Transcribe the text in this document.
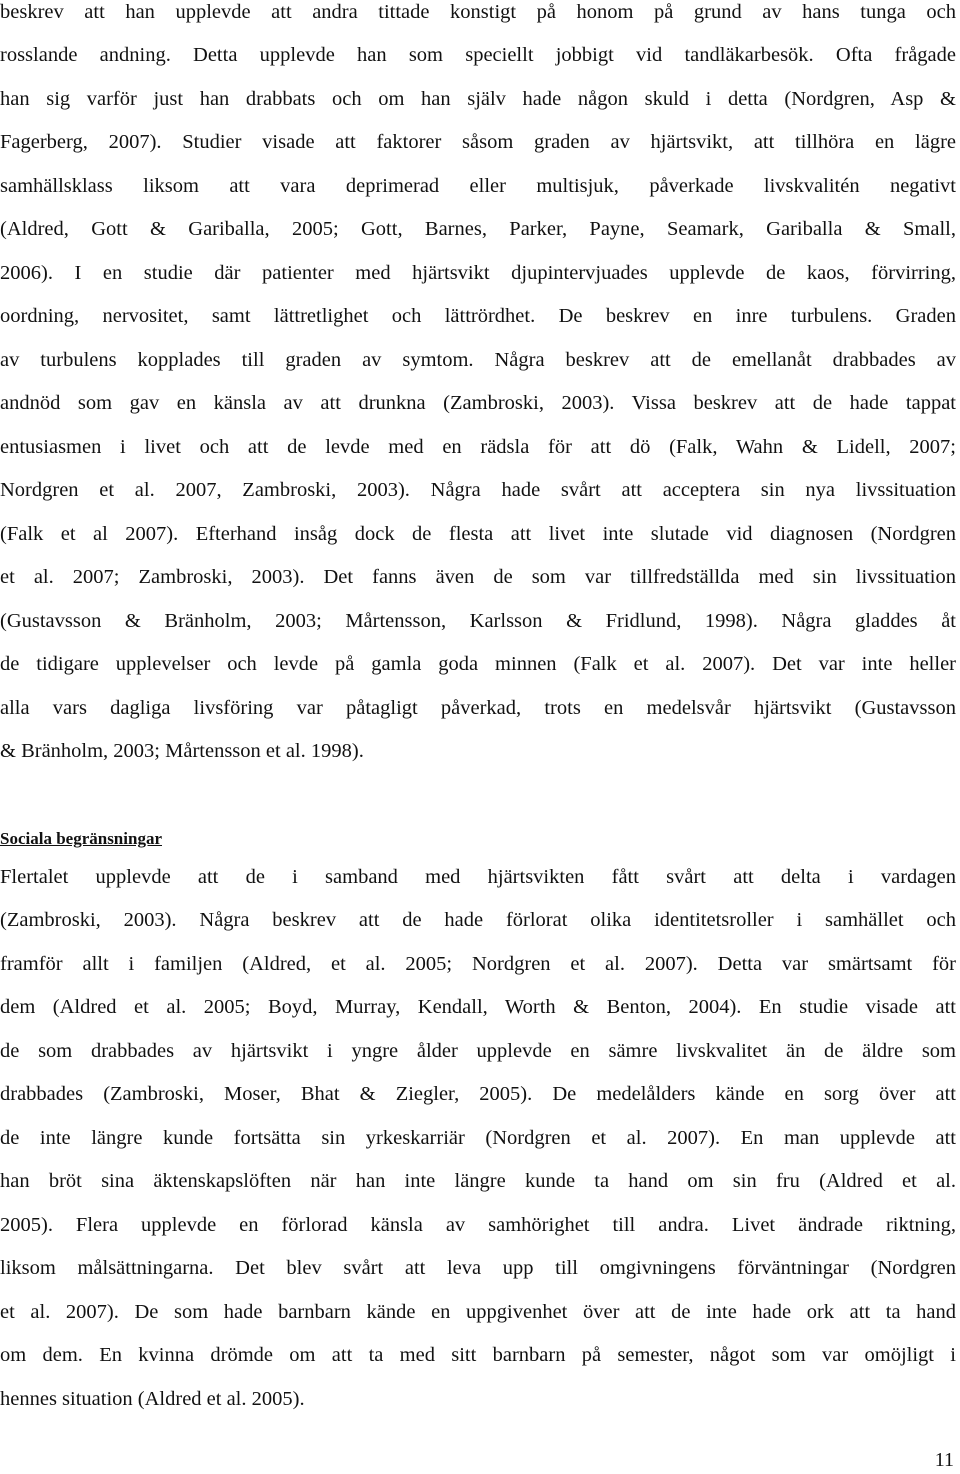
beskrev att han upplevde att andra tittade konstigt på honom på grund av hans tunga och
rosslande andning. Detta upplevde han som speciellt jobbigt vid tandläkarbesök. Ofta frågade
han sig varför just han drabbats och om han själv hade någon skuld i detta (Nordgren, Asp &
Fagerberg, 2007). Studier visade att faktorer såsom graden av hjärtsvikt, att tillhöra en lägre
samhällsklass liksom att vara deprimerad eller multisjuk, påverkade livskvalitén negativt
(Aldred, Gott & Gariballa, 2005; Gott, Barnes, Parker, Payne, Seamark, Gariballa & Small,
2006). I en studie där patienter med hjärtsvikt djupintervjuades upplevde de kaos, förvirring,
oordning, nervositet, samt lättretlighet och lättrördhet. De beskrev en inre turbulens. Graden
av turbulens kopplades till graden av symtom. Några beskrev att de emellanåt drabbades av
andnöd som gav en känsla av att drunkna (Zambroski, 2003). Vissa beskrev att de hade tappat
entusiasmen i livet och att de levde med en rädsla för att dö (Falk, Wahn & Lidell, 2007;
Nordgren et al. 2007, Zambroski, 2003). Några hade svårt att acceptera sin nya livssituation
(Falk et al 2007). Efterhand insåg dock de flesta att livet inte slutade vid diagnosen (Nordgren
et al. 2007; Zambroski, 2003). Det fanns även de som var tillfredställda med sin livssituation
(Gustavsson & Bränholm, 2003; Mårtensson, Karlsson & Fridlund, 1998). Några gladdes åt
de tidigare upplevelser och levde på gamla goda minnen (Falk et al. 2007). Det var inte heller
alla vars dagliga livsföring var påtagligt påverkad, trots en medelsvår hjärtsvikt (Gustavsson
& Bränholm, 2003; Mårtensson et al. 1998).
Sociala begränsningar
Flertalet upplevde att de i samband med hjärtsvikten fått svårt att delta i vardagen
(Zambroski, 2003). Några beskrev att de hade förlorat olika identitetsroller i samhället och
framför allt i familjen (Aldred, et al. 2005; Nordgren et al. 2007). Detta var smärtsamt för
dem (Aldred et al. 2005; Boyd, Murray, Kendall, Worth & Benton, 2004). En studie visade att
de som drabbades av hjärtsvikt i yngre ålder upplevde en sämre livskvalitet än de äldre som
drabbades (Zambroski, Moser, Bhat & Ziegler, 2005). De medelålders kände en sorg över att
de inte längre kunde fortsätta sin yrkeskarriär (Nordgren et al. 2007). En man upplevde att
han bröt sina äktenskapslöften när han inte längre kunde ta hand om sin fru (Aldred et al.
2005). Flera upplevde en förlorad känsla av samhörighet till andra. Livet ändrade riktning,
liksom målsättningarna. Det blev svårt att leva upp till omgivningens förväntningar (Nordgren
et al. 2007). De som hade barnbarn kände en uppgivenhet över att de inte hade ork att ta hand
om dem. En kvinna drömde om att ta med sitt barnbarn på semester, något som var omöjligt i
hennes situation (Aldred et al. 2005).
11
